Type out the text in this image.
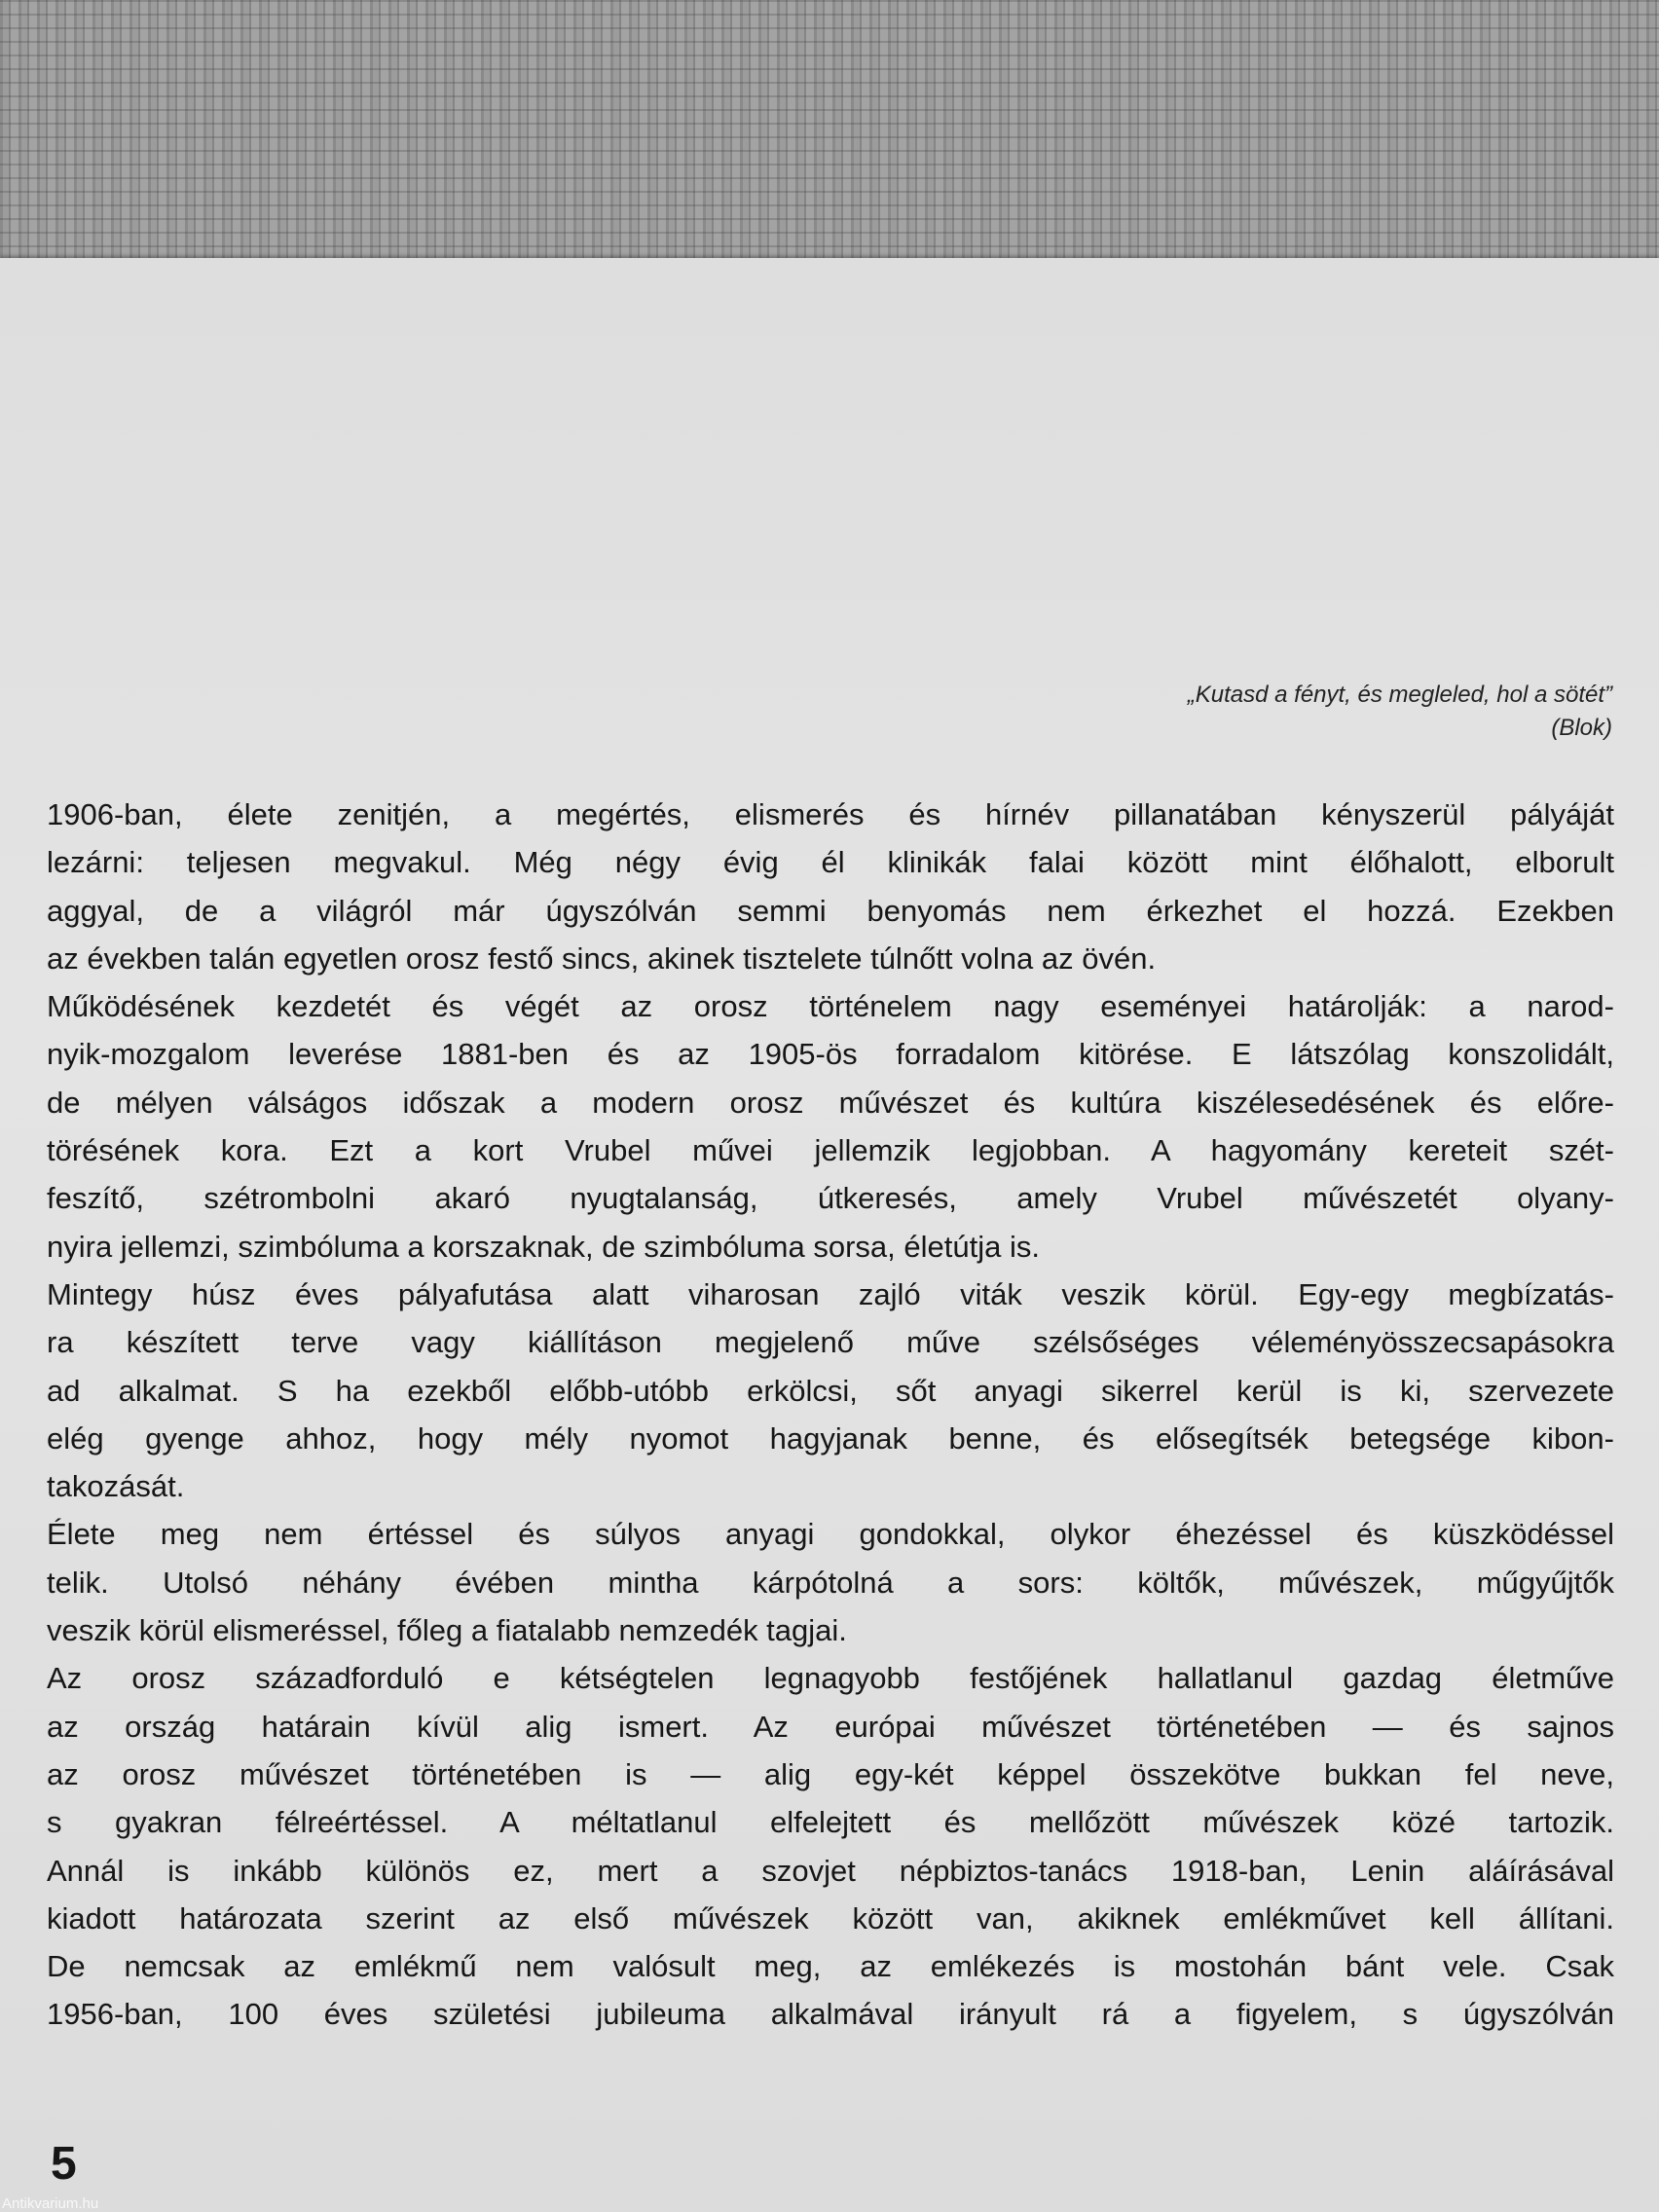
„Kutasd a fényt, és megleled, hol a sötét”
(Blok)
1906-ban, élete zenitjén, a megértés, elismerés és hírnév pillanatában kényszerül pályáját
lezárni: teljesen megvakul. Még négy évig él klinikák falai között mint élőhalott, elborult
aggyal, de a világról már úgyszólván semmi benyomás nem érkezhet el hozzá. Ezekben
az években talán egyetlen orosz festő sincs, akinek tisztelete túlnőtt volna az övén.
Működésének kezdetét és végét az orosz történelem nagy eseményei határolják: a narod-
nyik-mozgalom leverése 1881-ben és az 1905-ös forradalom kitörése. E látszólag konszolidált,
de mélyen válságos időszak a modern orosz művészet és kultúra kiszélesedésének és előre-
törésének kora. Ezt a kort Vrubel művei jellemzik legjobban. A hagyomány kereteit szét-
feszítő, szétrombolni akaró nyugtalanság, útkeresés, amely Vrubel művészetét olyany-
nyira jellemzi, szimbóluma a korszaknak, de szimbóluma sorsa, életútja is.
Mintegy húsz éves pályafutása alatt viharosan zajló viták veszik körül. Egy-egy megbízatás-
ra készített terve vagy kiállításon megjelenő műve szélsőséges véleményösszecsapásokra
ad alkalmat. S ha ezekből előbb-utóbb erkölcsi, sőt anyagi sikerrel kerül is ki, szervezete
elég gyenge ahhoz, hogy mély nyomot hagyjanak benne, és elősegítsék betegsége kibon-
takozását.
Élete meg nem értéssel és súlyos anyagi gondokkal, olykor éhezéssel és küszködéssel
telik. Utolsó néhány évében mintha kárpótolná a sors: költők, művészek, műgyűjtők
veszik körül elismeréssel, főleg a fiatalabb nemzedék tagjai.
Az orosz századforduló e kétségtelen legnagyobb festőjének hallatlanul gazdag életműve
az ország határain kívül alig ismert. Az európai művészet történetében — és sajnos
az orosz művészet történetében is — alig egy-két képpel összekötve bukkan fel neve,
s gyakran félreértéssel. A méltatlanul elfelejtett és mellőzött művészek közé tartozik.
Annál is inkább különös ez, mert a szovjet népbiztos-tanács 1918-ban, Lenin aláírásával
kiadott határozata szerint az első művészek között van, akiknek emlékművet kell állítani.
De nemcsak az emlékmű nem valósult meg, az emlékezés is mostohán bánt vele. Csak
1956-ban, 100 éves születési jubileuma alkalmával irányult rá a figyelem, s úgyszólván
5
Antikvarium.hu
